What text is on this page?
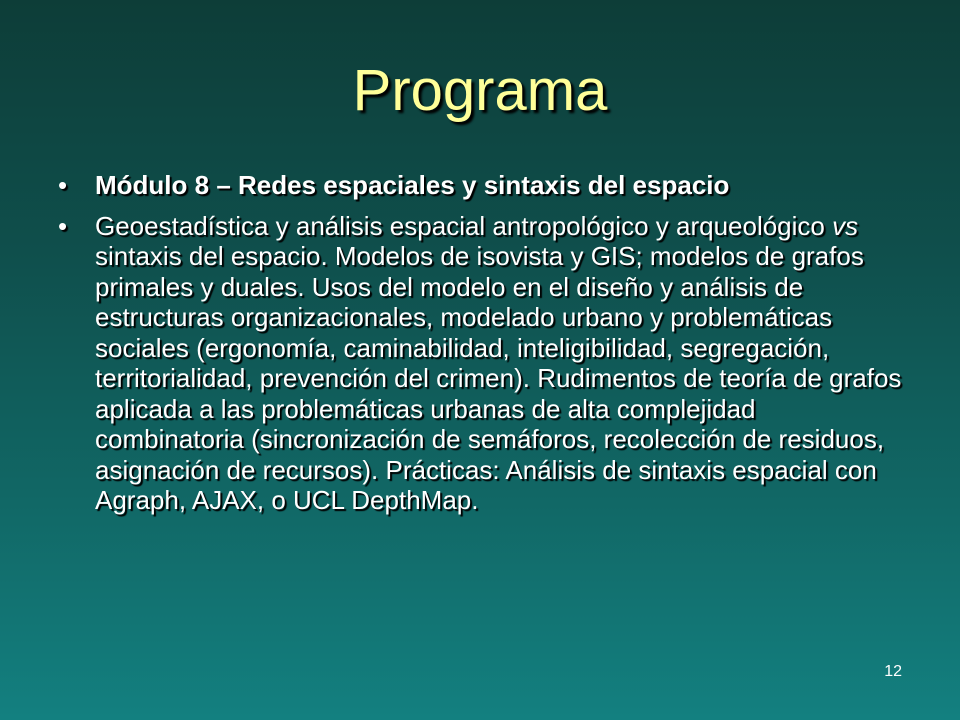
Programa
•	Módulo 8 – Redes espaciales y sintaxis del espacio
•	Geoestadística y análisis espacial antropológico y arqueológico vs sintaxis del espacio. Modelos de isovista y GIS; modelos de grafos primales y duales. Usos del modelo en el diseño y análisis de estructuras organizacionales, modelado urbano y problemáticas sociales (ergonomía, caminabilidad, inteligibilidad, segregación, territorialidad, prevención del crimen). Rudimentos de teoría de grafos aplicada a las problemáticas urbanas de alta complejidad combinatoria (sincronización de semáforos, recolección de residuos, asignación de recursos). Prácticas: Análisis de sintaxis espacial con Agraph, AJAX, o UCL DepthMap.
12
